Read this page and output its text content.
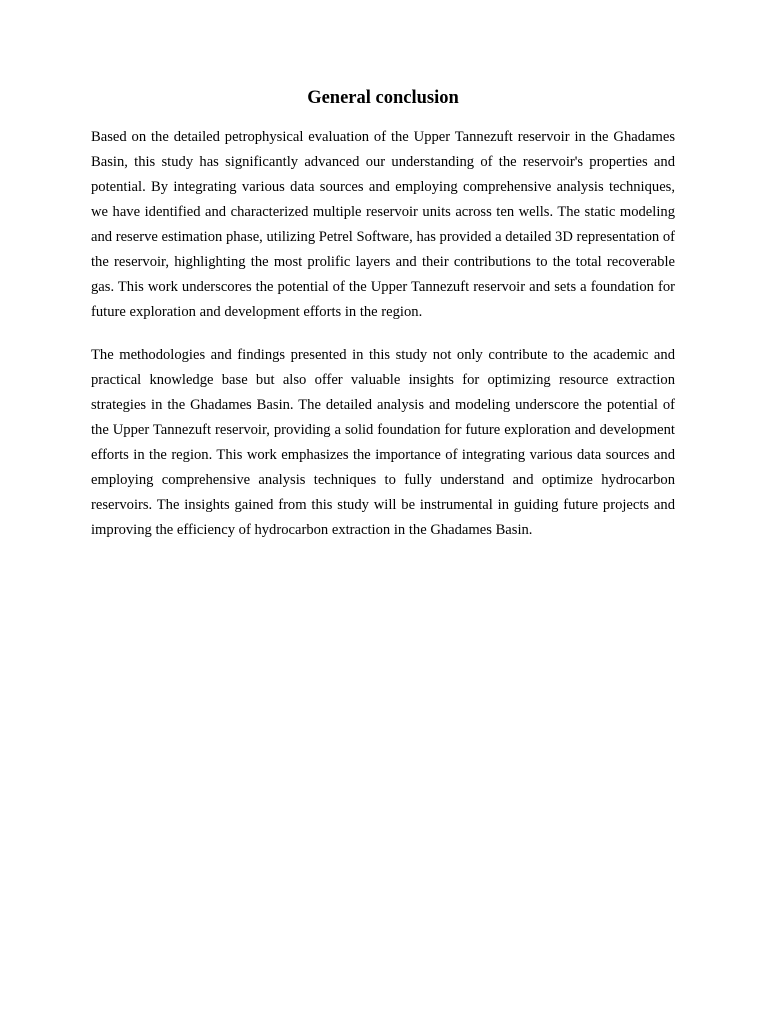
General conclusion

Based on the detailed petrophysical evaluation of the Upper Tannezuft reservoir in the Ghadames Basin, this study has significantly advanced our understanding of the reservoir's properties and potential. By integrating various data sources and employing comprehensive analysis techniques, we have identified and characterized multiple reservoir units across ten wells. The static modeling and reserve estimation phase, utilizing Petrel Software, has provided a detailed 3D representation of the reservoir, highlighting the most prolific layers and their contributions to the total recoverable gas. This work underscores the potential of the Upper Tannezuft reservoir and sets a foundation for future exploration and development efforts in the region.

The methodologies and findings presented in this study not only contribute to the academic and practical knowledge base but also offer valuable insights for optimizing resource extraction strategies in the Ghadames Basin. The detailed analysis and modeling underscore the potential of the Upper Tannezuft reservoir, providing a solid foundation for future exploration and development efforts in the region. This work emphasizes the importance of integrating various data sources and employing comprehensive analysis techniques to fully understand and optimize hydrocarbon reservoirs. The insights gained from this study will be instrumental in guiding future projects and improving the efficiency of hydrocarbon extraction in the Ghadames Basin.
